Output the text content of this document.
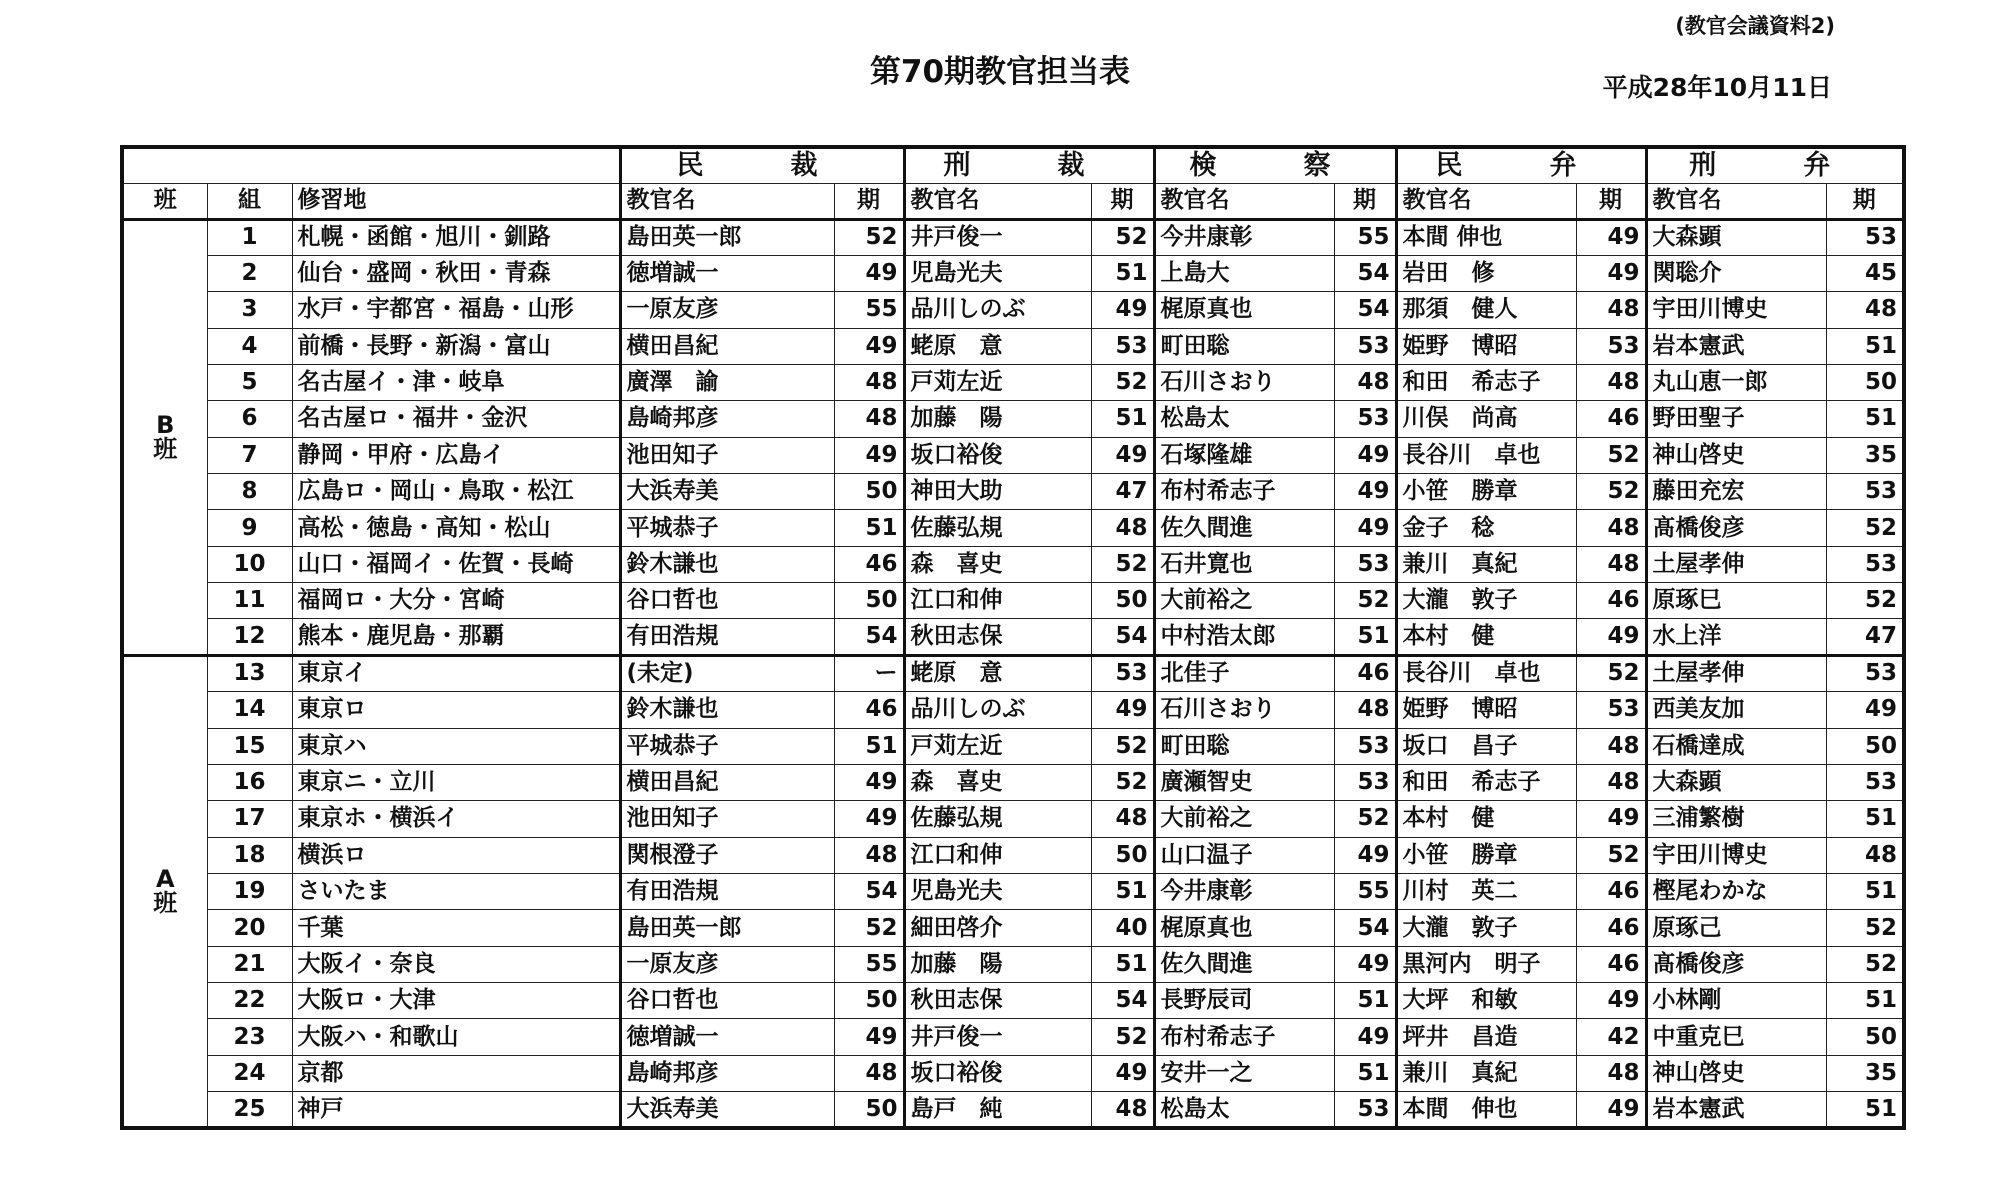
(教官会議資料2)
第70期教官担当表	平成28年10月11日
			民　裁		刑　裁		検　察		民　弁		刑　弁	
班	組	修習地	教官名	期	教官名	期	教官名	期	教官名	期	教官名	期

B
班	1	札幌・函館・旭川・釧路	島田英一郎	52	井戸俊一	52	今井康彰	55	本間 伸也	49	大森顕	53
	2	仙台・盛岡・秋田・青森	徳増誠一	49	児島光夫	51	上島大	54	岩田　修	49	関聡介	45
	3	水戸・宇都宮・福島・山形	一原友彦	55	品川しのぶ	49	梶原真也	54	那須　健人	48	宇田川博史	48
	4	前橋・長野・新潟・富山	横田昌紀	49	蛯原　意	53	町田聡	53	姫野　博昭	53	岩本憲武	51
	5	名古屋イ・津・岐阜	廣澤　諭	48	戸苅左近	52	石川さおり	48	和田　希志子	48	丸山恵一郎	50
	6	名古屋ロ・福井・金沢	島崎邦彦	48	加藤　陽	51	松島太	53	川俣　尚高	46	野田聖子	51
	7	静岡・甲府・広島イ	池田知子	49	坂口裕俊	49	石塚隆雄	49	長谷川　卓也	52	神山啓史	35
	8	広島ロ・岡山・鳥取・松江	大浜寿美	50	神田大助	47	布村希志子	49	小笹　勝章	52	藤田充宏	53
	9	高松・徳島・高知・松山	平城恭子	51	佐藤弘規	48	佐久間進	49	金子　稔	48	髙橋俊彦	52
	10	山口・福岡イ・佐賀・長崎	鈴木謙也	46	森　喜史	52	石井寛也	53	兼川　真紀	48	土屋孝伸	53
	11	福岡ロ・大分・宮崎	谷口哲也	50	江口和伸	50	大前裕之	52	大瀧　敦子	46	原琢巳	52
	12	熊本・鹿児島・那覇	有田浩規	54	秋田志保	54	中村浩太郎	51	本村　健	49	水上洋	47

A
班	13	東京イ	(未定)	ー	蛯原　意	53	北佳子	46	長谷川　卓也	52	土屋孝伸	53
	14	東京ロ	鈴木謙也	46	品川しのぶ	49	石川さおり	48	姫野　博昭	53	西美友加	49
	15	東京ハ	平城恭子	51	戸苅左近	52	町田聡	53	坂口　昌子	48	石橋達成	50
	16	東京ニ・立川	横田昌紀	49	森　喜史	52	廣瀬智史	53	和田　希志子	48	大森顕	53
	17	東京ホ・横浜イ	池田知子	49	佐藤弘規	48	大前裕之	52	本村　健	49	三浦繁樹	51
	18	横浜ロ	関根澄子	48	江口和伸	50	山口温子	49	小笹　勝章	52	宇田川博史	48
	19	さいたま	有田浩規	54	児島光夫	51	今井康彰	55	川村　英二	46	樫尾わかな	51
	20	千葉	島田英一郎	52	細田啓介	40	梶原真也	54	大瀧　敦子	46	原琢己	52
	21	大阪イ・奈良	一原友彦	55	加藤　陽	51	佐久間進	49	黒河内　明子	46	髙橋俊彦	52
	22	大阪ロ・大津	谷口哲也	50	秋田志保	54	長野辰司	51	大坪　和敏	49	小林剛	51
	23	大阪ハ・和歌山	徳増誠一	49	井戸俊一	52	布村希志子	49	坪井　昌造	42	中重克巳	50
	24	京都	島崎邦彦	48	坂口裕俊	49	安井一之	51	兼川　真紀	48	神山啓史	35
	25	神戸	大浜寿美	50	島戸　純	48	松島太	53	本間　伸也	49	岩本憲武	51
